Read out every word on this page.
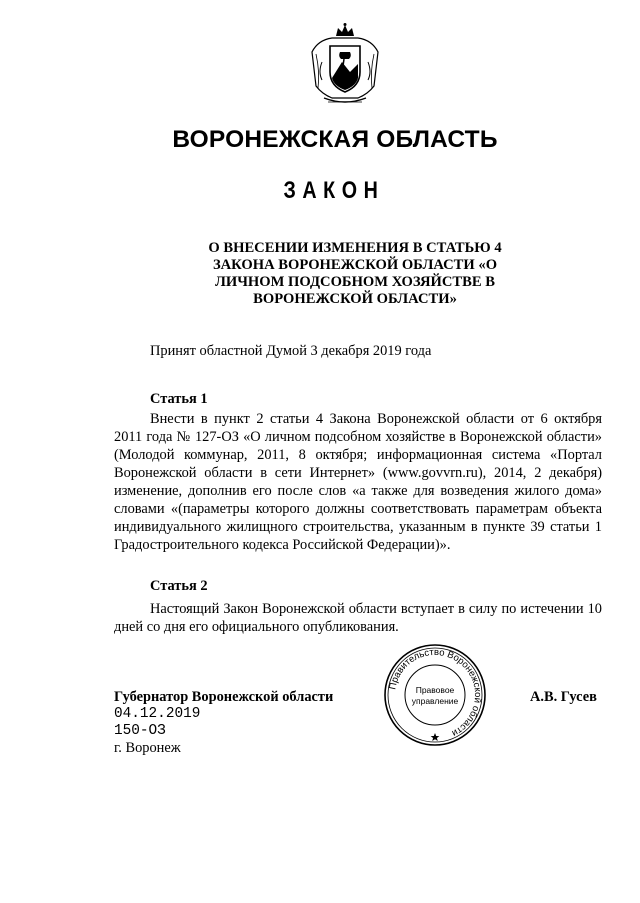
ВОРОНЕЖСКАЯ ОБЛАСТЬ
ЗАКОН
О ВНЕСЕНИИ ИЗМЕНЕНИЯ В СТАТЬЮ 4
ЗАКОНА ВОРОНЕЖСКОЙ ОБЛАСТИ «О
ЛИЧНОМ ПОДСОБНОМ ХОЗЯЙСТВЕ В
ВОРОНЕЖСКОЙ ОБЛАСТИ»
Принят областной Думой 3 декабря 2019 года
Статья 1

Внести в пункт 2 статьи 4 Закона Воронежской области от 6 октября 2011 года № 127-ОЗ «О личном подсобном хозяйстве в Воронежской области» (Молодой коммунар, 2011, 8 октября; информационная система «Портал Воронежской области в сети Интернет» (www.govvrn.ru), 2014, 2 декабря) изменение, дополнив его после слов «а также для возведения жилого дома» словами «(параметры которого должны соответствовать параметрам объекта индивидуального жилищного строительства, указанным в пункте 39 статьи 1 Градостроительного кодекса Российской Федерации)».

Статья 2

Настоящий Закон Воронежской области вступает в силу по истечении 10 дней со дня его официального опубликования.

Губернатор Воронежской области	А.В. Гусев
04.12.2019
150-ОЗ
г. Воронеж
Правительство Воронежской области
Правовое
управление
